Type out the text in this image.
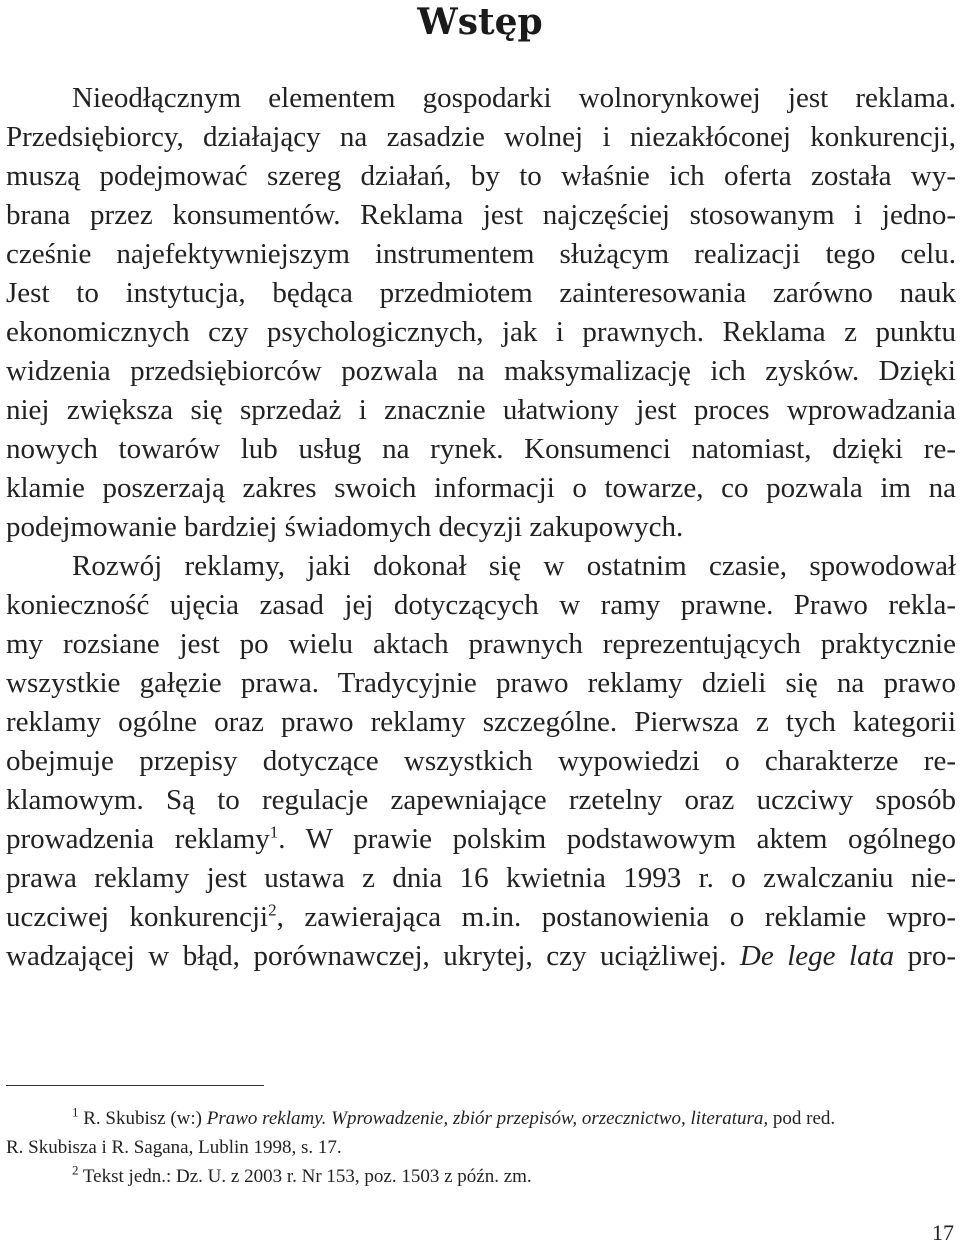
Wstęp
Nieodłącznym elementem gospodarki wolnorynkowej jest reklama.
Przedsiębiorcy, działający na zasadzie wolnej i niezakłóconej konkurencji,
muszą podejmować szereg działań, by to właśnie ich oferta została wy-
brana przez konsumentów. Reklama jest najczęściej stosowanym i jedno-
cześnie najefektywniejszym instrumentem służącym realizacji tego celu.
Jest to instytucja, będąca przedmiotem zainteresowania zarówno nauk
ekonomicznych czy psychologicznych, jak i prawnych. Reklama z punktu
widzenia przedsiębiorców pozwala na maksymalizację ich zysków. Dzięki
niej zwiększa się sprzedaż i znacznie ułatwiony jest proces wprowadzania
nowych towarów lub usług na rynek. Konsumenci natomiast, dzięki re-
klamie poszerzają zakres swoich informacji o towarze, co pozwala im na
podejmowanie bardziej świadomych decyzji zakupowych.
Rozwój reklamy, jaki dokonał się w ostatnim czasie, spowodował
konieczność ujęcia zasad jej dotyczących w ramy prawne. Prawo rekla-
my rozsiane jest po wielu aktach prawnych reprezentujących praktycznie
wszystkie gałęzie prawa. Tradycyjnie prawo reklamy dzieli się na prawo
reklamy ogólne oraz prawo reklamy szczególne. Pierwsza z tych kategorii
obejmuje przepisy dotyczące wszystkich wypowiedzi o charakterze re-
klamowym. Są to regulacje zapewniające rzetelny oraz uczciwy sposób
prowadzenia reklamy$^1$. W prawie polskim podstawowym aktem ogólnego
prawa reklamy jest ustawa z dnia 16 kwietnia 1993 r. o zwalczaniu nie-
uczciwej konkurencji$^2$, zawierająca m.in. postanowienia o reklamie wpro-
wadzającej w błąd, porównawczej, ukrytej, czy uciążliwej. De lege lata pro-
$^1$ R. Skubisz (w:) Prawo reklamy. Wprowadzenie, zbiór przepisów, orzecznictwo, literatura, pod red.
R. Skubisza i R. Sagana, Lublin 1998, s. 17.
$^2$ Tekst jedn.: Dz. U. z 2003 r. Nr 153, poz. 1503 z późn. zm.
17
